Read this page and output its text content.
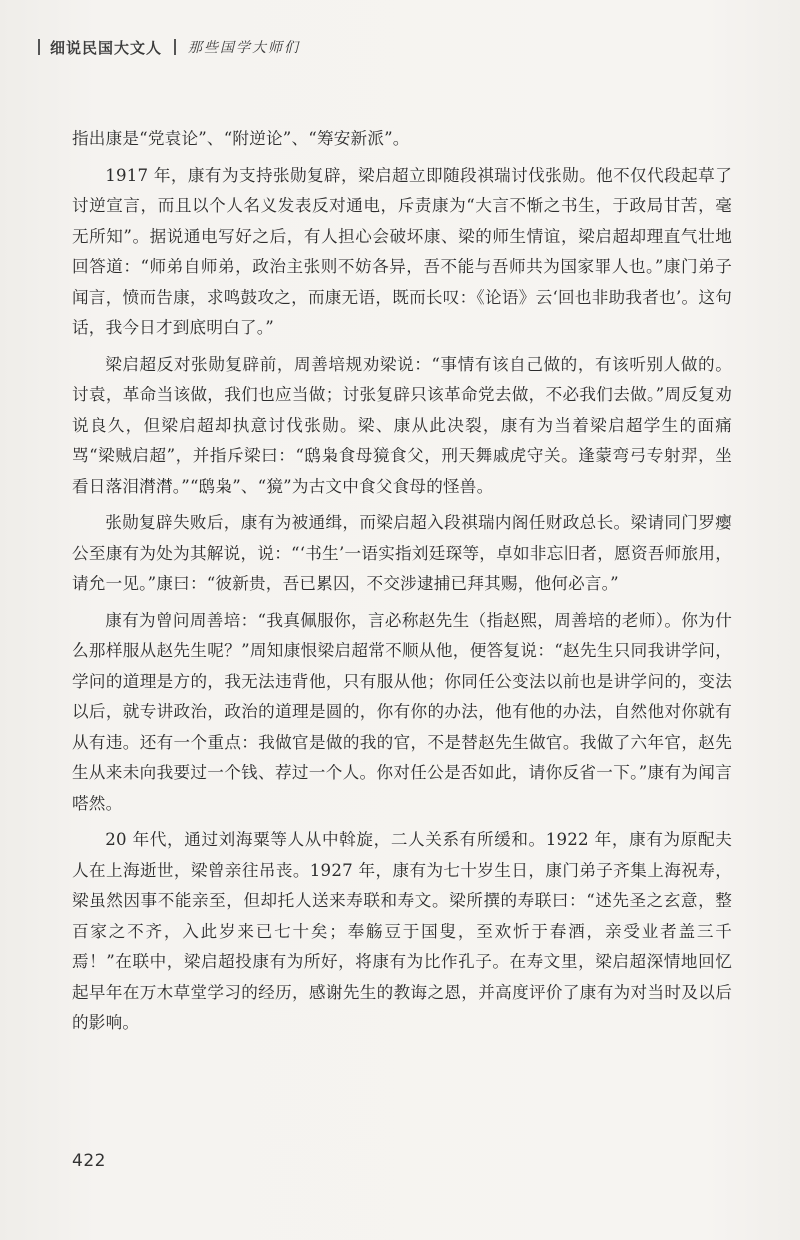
细说民国大文人 那些国学大师们

指出康是“党袁论”、“附逆论”、“筹安新派”。

1917 年，康有为支持张勋复辟，梁启超立即随段祺瑞讨伐张勋。他不仅代段起草了讨逆宣言，而且以个人名义发表反对通电，斥责康为“大言不惭之书生，于政局甘苦，毫无所知”。据说通电写好之后，有人担心会破坏康、梁的师生情谊，梁启超却理直气壮地回答道：“师弟自师弟，政治主张则不妨各异，吾不能与吾师共为国家罪人也。”康门弟子闻言，愤而告康，求鸣鼓攻之，而康无语，既而长叹：《论语》云‘回也非助我者也’。这句话，我今日才到底明白了。”

梁启超反对张勋复辟前，周善培规劝梁说：“事情有该自己做的，有该听别人做的。讨袁，革命当该做，我们也应当做；讨张复辟只该革命党去做，不必我们去做。”周反复劝说良久，但梁启超却执意讨伐张勋。梁、康从此决裂，康有为当着梁启超学生的面痛骂“梁贼启超”，并指斥梁曰：“鸱枭食母獍食父，刑天舞戚虎守关。逢蒙弯弓专射羿，坐看日落泪潸潸。”“鸱枭”、“獍”为古文中食父食母的怪兽。

张勋复辟失败后，康有为被通缉，而梁启超入段祺瑞内阁任财政总长。梁请同门罗瘿公至康有为处为其解说，说：“‘书生’一语实指刘廷琛等，卓如非忘旧者，愿资吾师旅用，请允一见。”康曰：“彼新贵，吾已累囚，不交涉逮捕已拜其赐，他何必言。”

康有为曾问周善培：“我真佩服你，言必称赵先生（指赵熙，周善培的老师）。你为什么那样服从赵先生呢？”周知康恨梁启超常不顺从他，便答复说：“赵先生只同我讲学问，学问的道理是方的，我无法违背他，只有服从他；你同任公变法以前也是讲学问的，变法以后，就专讲政治，政治的道理是圆的，你有你的办法，他有他的办法，自然他对你就有从有违。还有一个重点：我做官是做的我的官，不是替赵先生做官。我做了六年官，赵先生从来未向我要过一个钱、荐过一个人。你对任公是否如此，请你反省一下。”康有为闻言嗒然。

20 年代，通过刘海粟等人从中斡旋，二人关系有所缓和。1922 年，康有为原配夫人在上海逝世，梁曾亲往吊丧。1927 年，康有为七十岁生日，康门弟子齐集上海祝寿，梁虽然因事不能亲至，但却托人送来寿联和寿文。梁所撰的寿联曰：“述先圣之玄意，整百家之不齐，入此岁来已七十矣；奉觞豆于国叟，至欢忻于春酒，亲受业者盖三千焉！”在联中，梁启超投康有为所好，将康有为比作孔子。在寿文里，梁启超深情地回忆起早年在万木草堂学习的经历，感谢先生的教诲之恩，并高度评价了康有为对当时及以后的影响。

422
